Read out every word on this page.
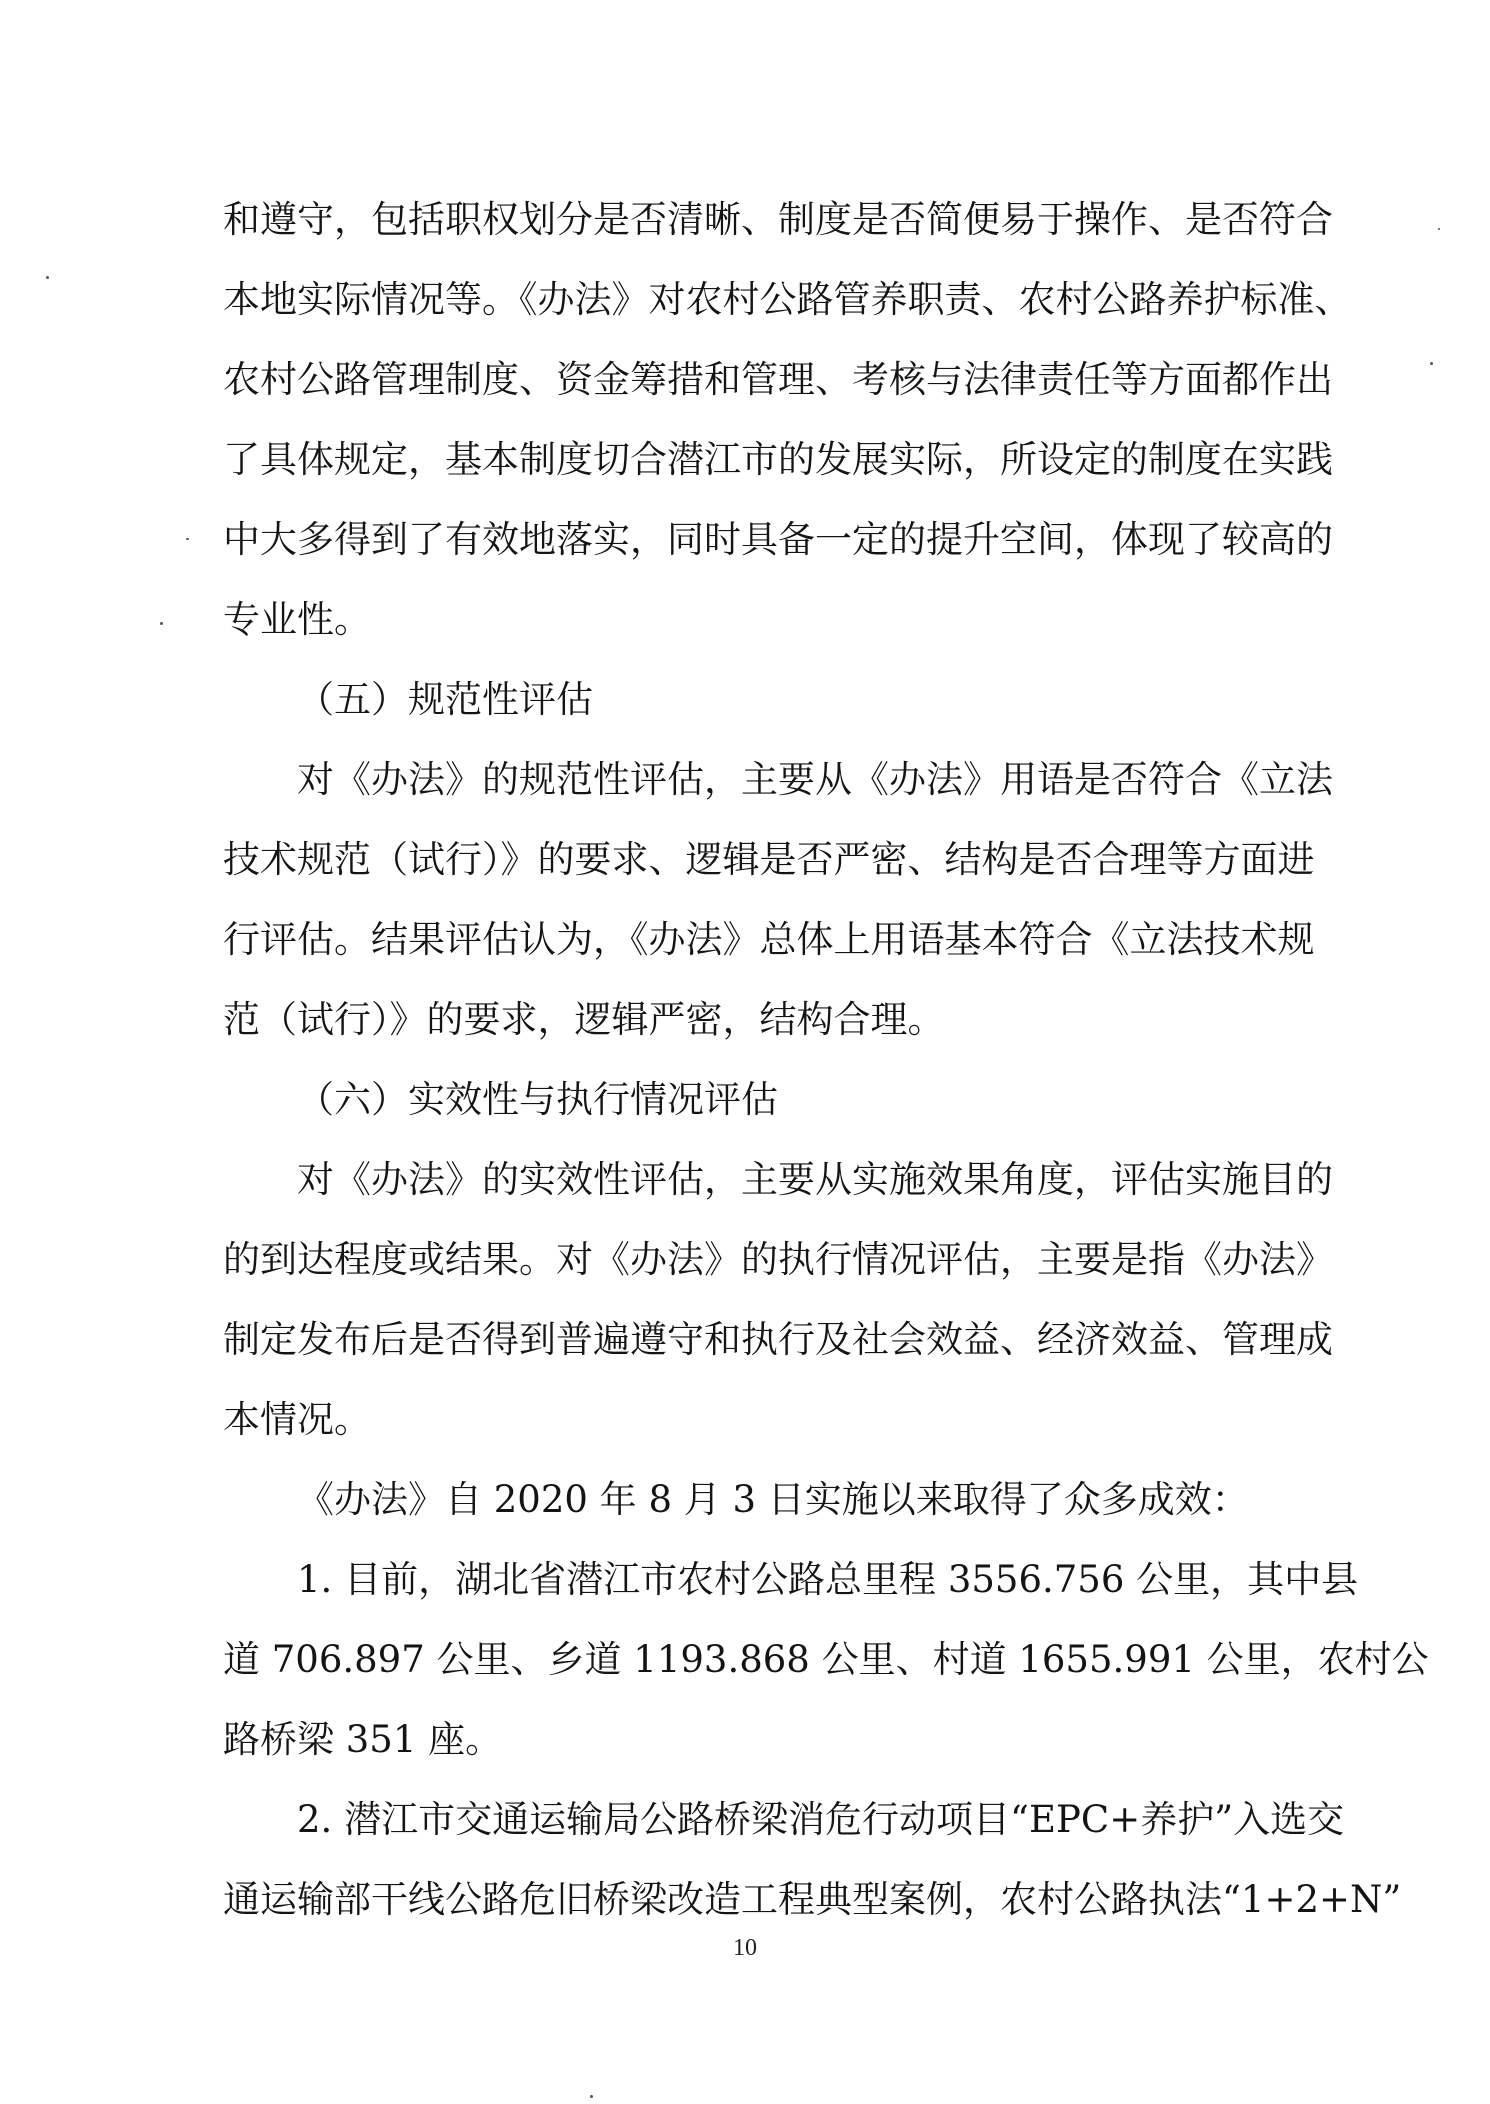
和遵守，包括职权划分是否清晰、制度是否简便易于操作、是否符合
本地实际情况等。《办法》对农村公路管养职责、农村公路养护标准、
农村公路管理制度、资金筹措和管理、考核与法律责任等方面都作出
了具体规定，基本制度切合潜江市的发展实际，所设定的制度在实践
中大多得到了有效地落实，同时具备一定的提升空间，体现了较高的
专业性。
（五）规范性评估
对《办法》的规范性评估，主要从《办法》用语是否符合《立法
技术规范（试行）》的要求、逻辑是否严密、结构是否合理等方面进
行评估。结果评估认为，《办法》总体上用语基本符合《立法技术规
范（试行）》的要求，逻辑严密，结构合理。
（六）实效性与执行情况评估
对《办法》的实效性评估，主要从实施效果角度，评估实施目的
的到达程度或结果。对《办法》的执行情况评估，主要是指《办法》
制定发布后是否得到普遍遵守和执行及社会效益、经济效益、管理成
本情况。
《办法》自 2020 年 8 月 3 日实施以来取得了众多成效：
1. 目前，湖北省潜江市农村公路总里程 3556.756 公里，其中县
道 706.897 公里、乡道 1193.868 公里、村道 1655.991 公里，农村公
路桥梁 351 座。
2. 潜江市交通运输局公路桥梁消危行动项目“EPC+养护”入选交
通运输部干线公路危旧桥梁改造工程典型案例，农村公路执法“1+2+N”
10
